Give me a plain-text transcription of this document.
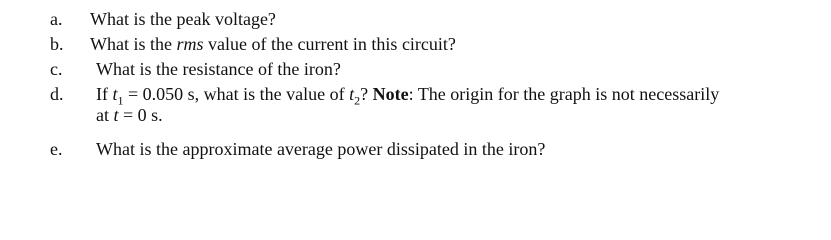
a. What is the peak voltage?
b. What is the rms value of the current in this circuit?
c. What is the resistance of the iron?
d. If $t_1 = 0.050$ s, what is the value of $t_2$? Note: The origin for the graph is not necessarily
at t = 0 s.
e. What is the approximate average power dissipated in the iron?
